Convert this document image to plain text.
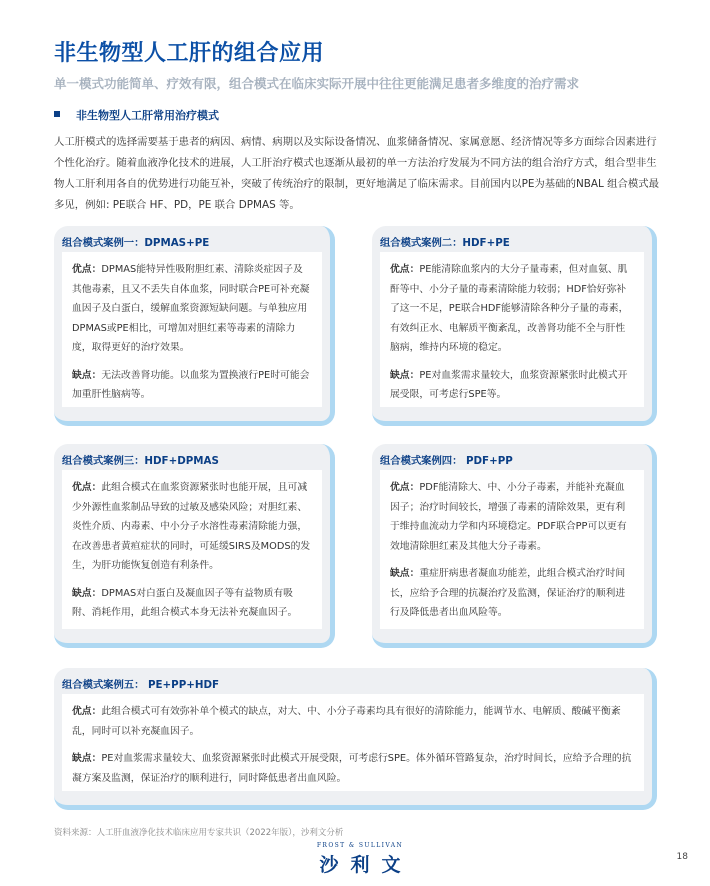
非生物型人工肝的组合应用
单一模式功能简单、疗效有限，组合模式在临床实际开展中往往更能满足患者多维度的治疗需求
非生物型人工肝常用治疗模式

人工肝模式的选择需要基于患者的病因、病情、病期以及实际设备情况、血浆储备情况、家属意愿、经济情况等多方面综合因素进行个性化治疗。随着血液净化技术的进展，人工肝治疗模式也逐渐从最初的单一方法治疗发展为不同方法的组合治疗方式，组合型非生物人工肝利用各自的优势进行功能互补，突破了传统治疗的限制，更好地满足了临床需求。目前国内以PE为基础的NBAL 组合模式最多见，例如: PE联合 HF、PD，PE 联合 DPMAS 等。

组合模式案例一：DPMAS+PE

优点：DPMAS能特异性吸附胆红素、清除炎症因子及其他毒素，且又不丢失自体血浆，同时联合PE可补充凝血因子及白蛋白，缓解血浆资源短缺问题。与单独应用DPMAS或PE相比，可增加对胆红素等毒素的清除力度，取得更好的治疗效果。

缺点：无法改善肾功能。以血浆为置换液行PE时可能会加重肝性脑病等。

组合模式案例二：HDF+PE

优点：PE能清除血浆内的大分子量毒素，但对血氨、肌酐等中、小分子量的毒素清除能力较弱；HDF恰好弥补了这一不足，PE联合HDF能够清除各种分子量的毒素，有效纠正水、电解质平衡紊乱，改善肾功能不全与肝性脑病，维持内环境的稳定。

缺点：PE对血浆需求量较大，血浆资源紧张时此模式开展受限，可考虑行SPE等。

组合模式案例三：HDF+DPMAS

优点：此组合模式在血浆资源紧张时也能开展，且可减少外源性血浆制品导致的过敏及感染风险；对胆红素、炎性介质、内毒素、中小分子水溶性毒素清除能力强，在改善患者黄疸症状的同时，可延缓SIRS及MODS的发生，为肝功能恢复创造有利条件。

缺点：DPMAS对白蛋白及凝血因子等有益物质有吸附、消耗作用，此组合模式本身无法补充凝血因子。

组合模式案例四： PDF+PP

优点：PDF能清除大、中、小分子毒素，并能补充凝血因子；治疗时间较长，增强了毒素的清除效果，更有利于维持血流动力学和内环境稳定。PDF联合PP可以更有效地清除胆红素及其他大分子毒素。

缺点：重症肝病患者凝血功能差，此组合模式治疗时间长，应给予合理的抗凝治疗及监测，保证治疗的顺利进行及降低患者出血风险等。

组合模式案例五： PE+PP+HDF

优点：此组合模式可有效弥补单个模式的缺点，对大、中、小分子毒素均具有很好的清除能力，能调节水、电解质、酸碱平衡紊乱，同时可以补充凝血因子。

缺点：PE对血浆需求量较大、血浆资源紧张时此模式开展受限，可考虑行SPE。体外循环管路复杂，治疗时间长，应给予合理的抗凝方案及监测，保证治疗的顺利进行，同时降低患者出血风险。

资料来源：人工肝血液净化技术临床应用专家共识（2022年版），沙利文分析
FROST & SULLIVAN
沙利文	18
